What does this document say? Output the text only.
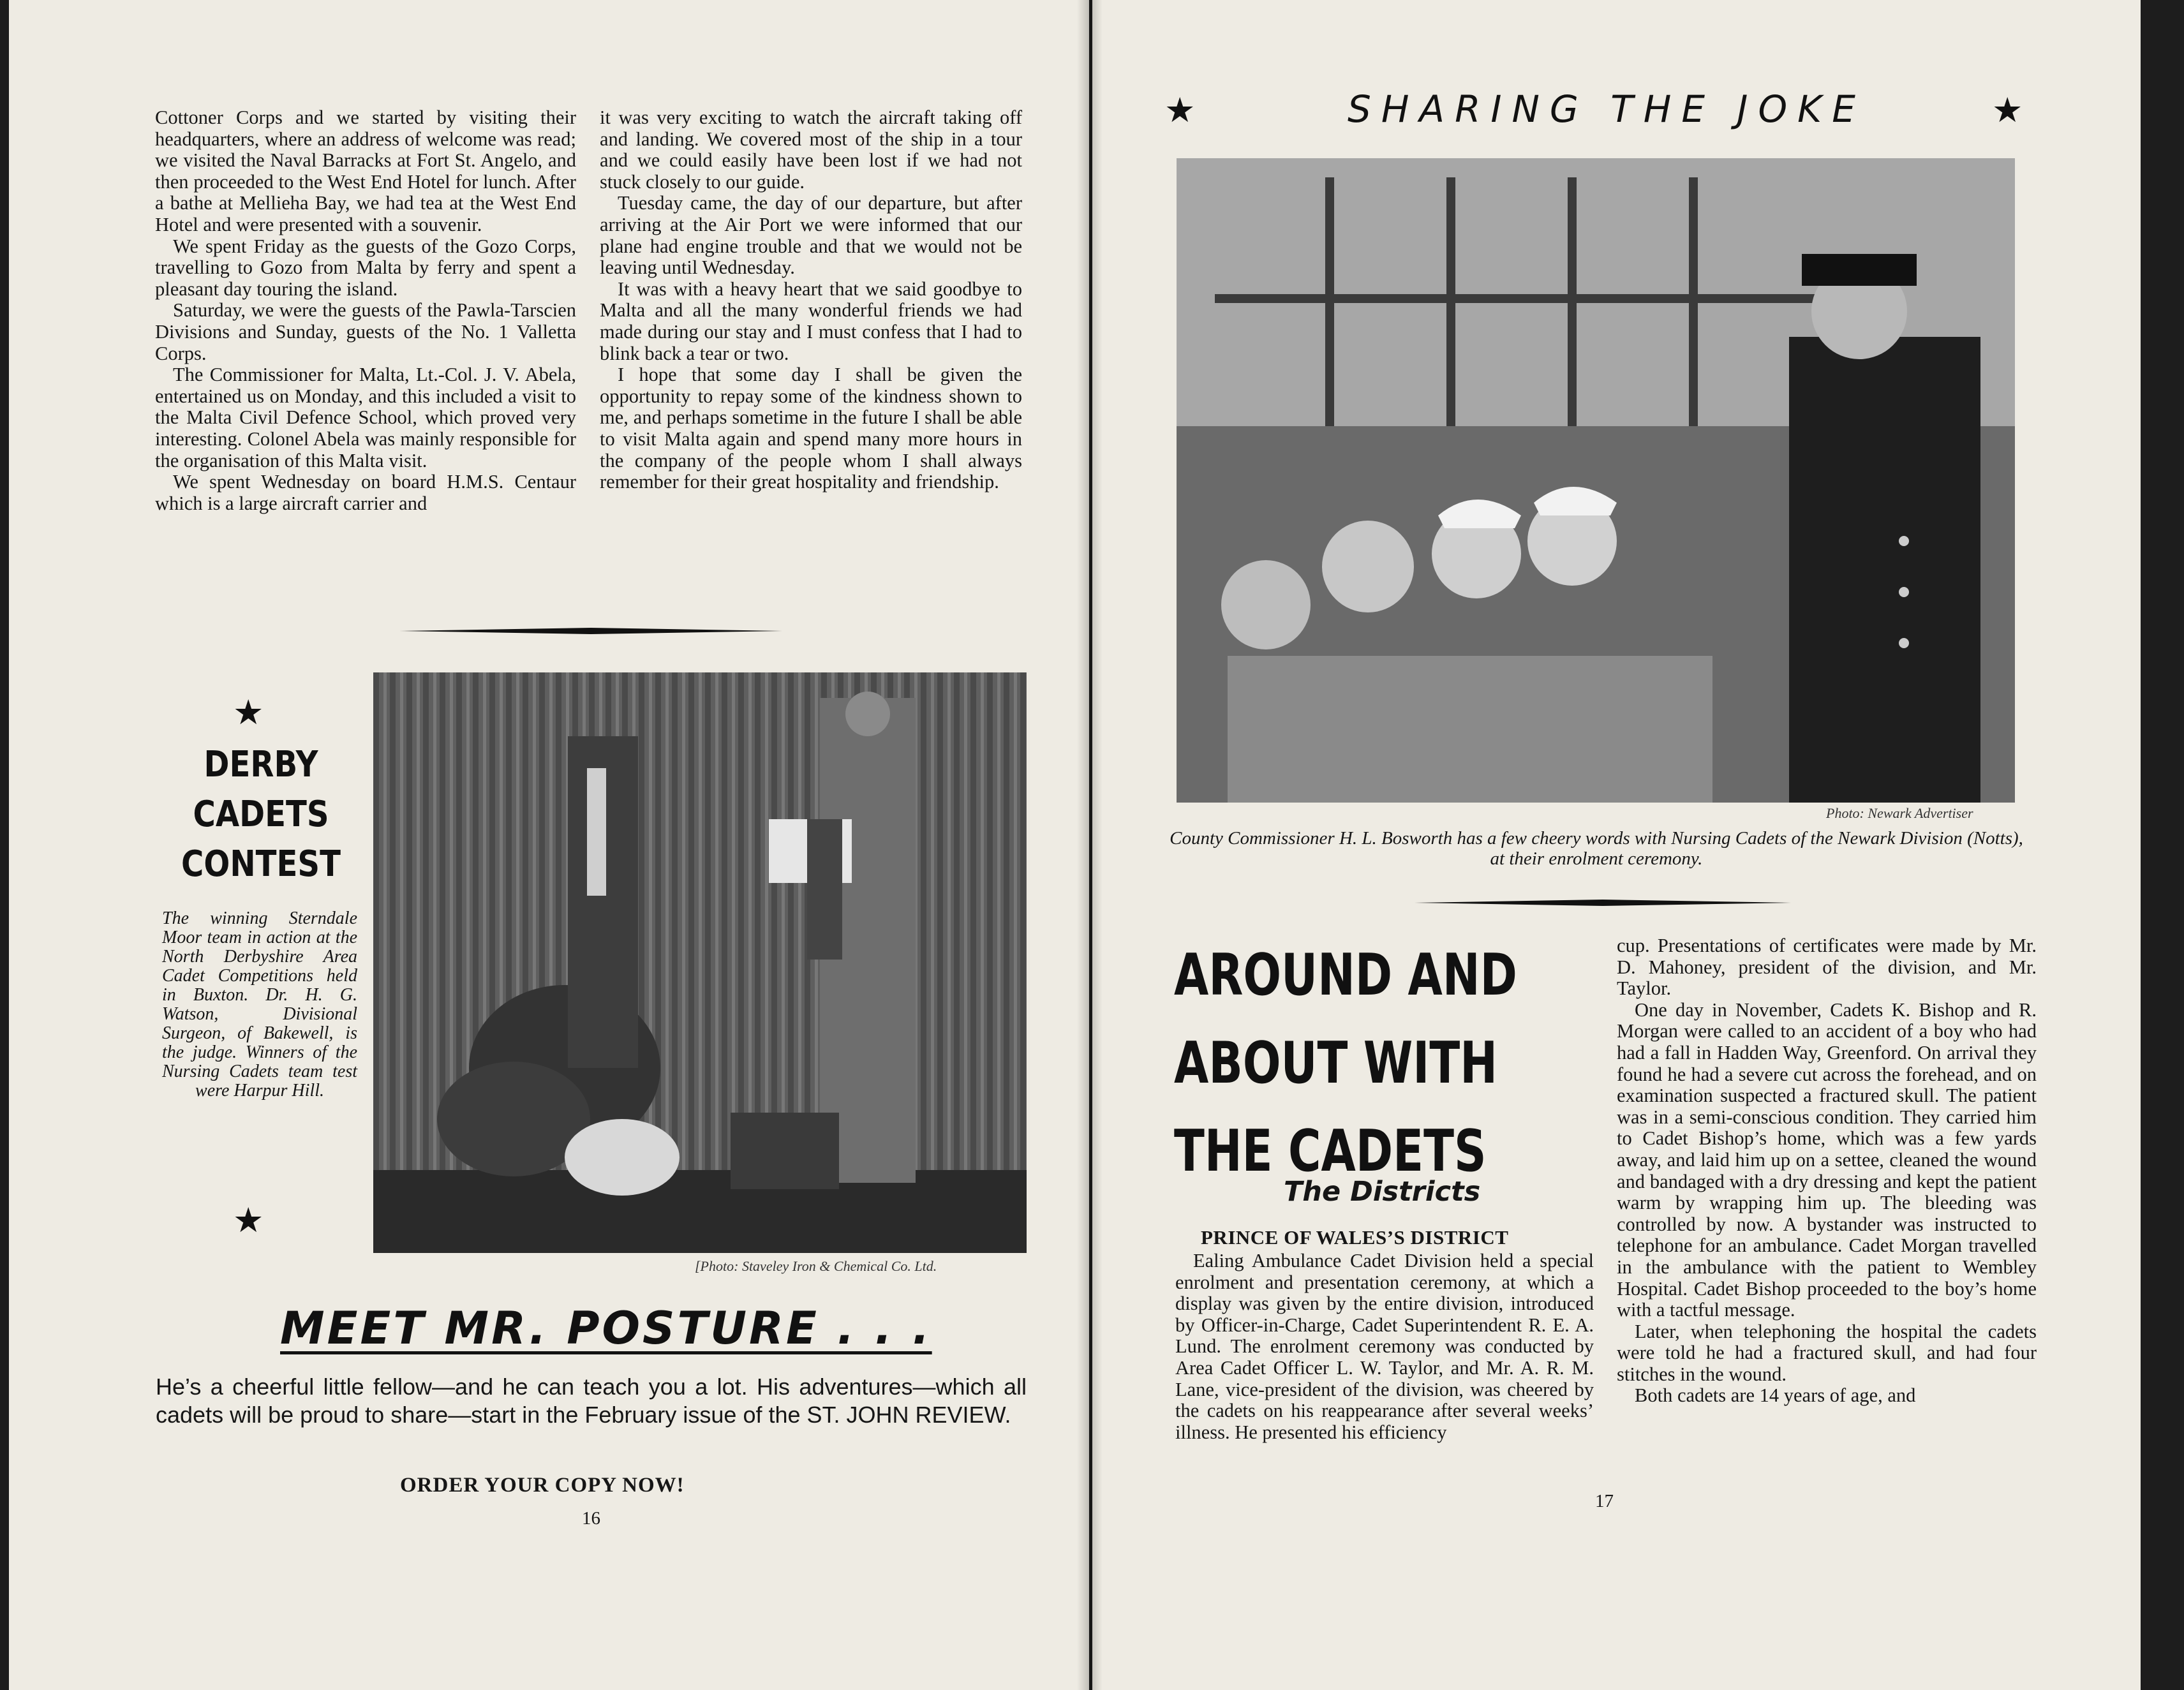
Cottoner Corps and we started by visiting their headquarters, where an address of welcome was read; we visited the Naval Barracks at Fort St. Angelo, and then proceeded to the West End Hotel for lunch. After a bathe at Mellieha Bay, we had tea at the West End Hotel and were presented with a souvenir.

We spent Friday as the guests of the Gozo Corps, travelling to Gozo from Malta by ferry and spent a pleasant day touring the island.

Saturday, we were the guests of the Pawla-Tarscien Divisions and Sunday, guests of the No. 1 Valletta Corps.

The Commissioner for Malta, Lt.-Col. J. V. Abela, entertained us on Monday, and this included a visit to the Malta Civil Defence School, which proved very interesting. Colonel Abela was mainly responsible for the organisation of this Malta visit.

We spent Wednesday on board H.M.S. Centaur which is a large aircraft carrier and

it was very exciting to watch the aircraft taking off and landing. We covered most of the ship in a tour and we could easily have been lost if we had not stuck closely to our guide.

Tuesday came, the day of our departure, but after arriving at the Air Port we were informed that our plane had engine trouble and that we would not be leaving until Wednesday.

It was with a heavy heart that we said goodbye to Malta and all the many wonderful friends we had made during our stay and I must confess that I had to blink back a tear or two.

I hope that some day I shall be given the opportunity to repay some of the kindness shown to me, and perhaps sometime in the future I shall be able to visit Malta again and spend many more hours in the company of the people whom I shall always remember for their great hospitality and friendship.

★
DERBY
CADETS
CONTEST
The winning Sterndale Moor team in action at the North Derbyshire Area Cadet Competitions held in Buxton. Dr. H. G. Watson, Divisional Surgeon, of Bakewell, is the judge. Winners of the Nursing Cadets team test were Harpur Hill.
★
[Photo: Staveley Iron & Chemical Co. Ltd.
MEET MR. POSTURE . . .
He’s a cheerful little fellow—and he can teach you a lot. His adventures—which all cadets will be proud to share—start in the February issue of the ST. JOHN REVIEW.
ORDER YOUR COPY NOW!
16
★	SHARING THE JOKE	★
Photo: Newark Advertiser
County Commissioner H. L. Bosworth has a few cheery words with Nursing Cadets of the Newark Division (Notts), at their enrolment ceremony.
AROUND AND
ABOUT WITH
THE CADETS
The Districts
PRINCE OF WALES’S DISTRICT

Ealing Ambulance Cadet Division held a special enrolment and presentation ceremony, at which a display was given by the entire division, introduced by Officer-in-Charge, Cadet Superintendent R. E. A. Lund. The enrolment ceremony was conducted by Area Cadet Officer L. W. Taylor, and Mr. A. R. M. Lane, vice-president of the division, was cheered by the cadets on his reappearance after several weeks’ illness. He presented his efficiency

cup. Presentations of certificates were made by Mr. D. Mahoney, president of the division, and Mr. Taylor.

One day in November, Cadets K. Bishop and R. Morgan were called to an accident of a boy who had had a fall in Hadden Way, Greenford. On arrival they found he had a severe cut across the forehead, and on examination suspected a fractured skull. The patient was in a semi-conscious condition. They carried him to Cadet Bishop’s home, which was a few yards away, and laid him up on a settee, cleaned the wound and bandaged with a dry dressing and kept the patient warm by wrapping him up. The bleeding was controlled by now. A bystander was instructed to telephone for an ambulance. Cadet Morgan travelled in the ambulance with the patient to Wembley Hospital. Cadet Bishop proceeded to the boy’s home with a tactful message.

Later, when telephoning the hospital the cadets were told he had a fractured skull, and had four stitches in the wound.

Both cadets are 14 years of age, and

17
